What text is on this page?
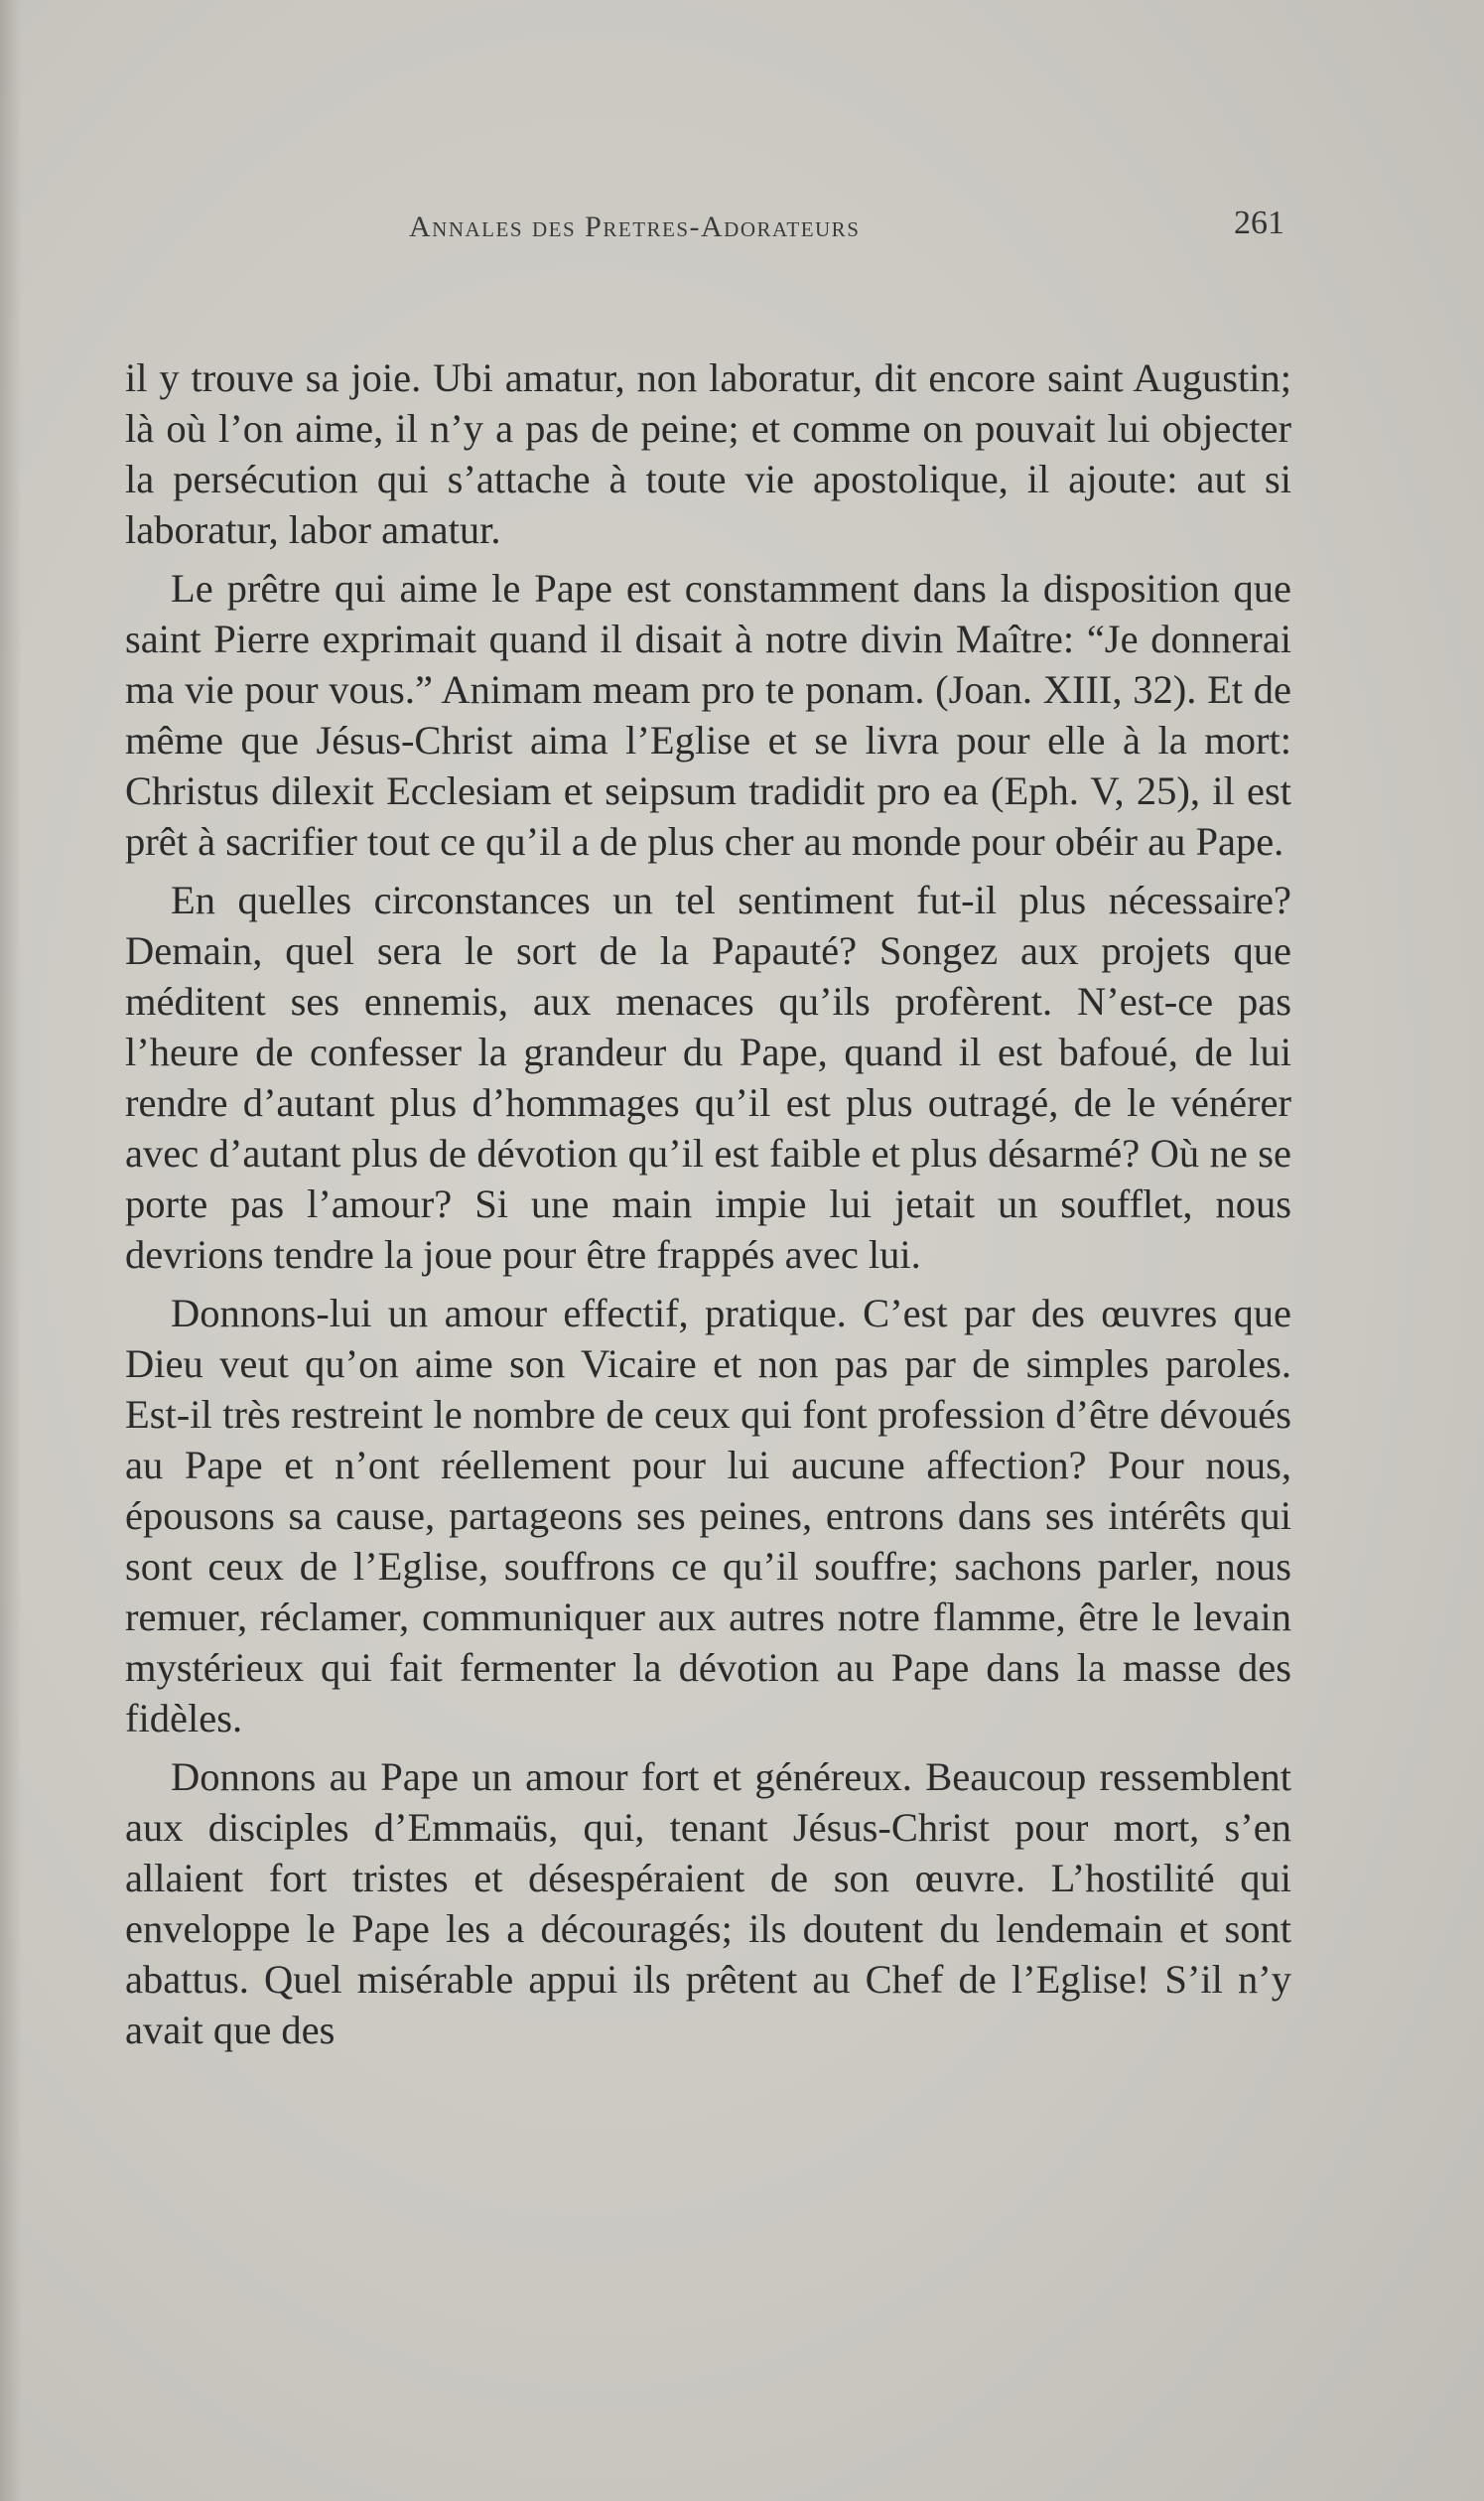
Annales des Pretres-Adorateurs	261

il y trouve sa joie. Ubi amatur, non laboratur, dit encore saint Augustin; là où l’on aime, il n’y a pas de peine; et comme on pouvait lui objecter la persécution qui s’attache à toute vie apostolique, il ajoute: aut si laboratur, labor amatur.

Le prêtre qui aime le Pape est constamment dans la disposition que saint Pierre exprimait quand il disait à notre divin Maître: “Je donnerai ma vie pour vous.” Animam meam pro te ponam. (Joan. XIII, 32). Et de même que Jésus-Christ aima l’Eglise et se livra pour elle à la mort: Christus dilexit Ecclesiam et seipsum tradidit pro ea (Eph. V, 25), il est prêt à sacrifier tout ce qu’il a de plus cher au monde pour obéir au Pape.

En quelles circonstances un tel sentiment fut-il plus nécessaire? Demain, quel sera le sort de la Papauté? Songez aux projets que méditent ses ennemis, aux menaces qu’ils profèrent. N’est-ce pas l’heure de confesser la grandeur du Pape, quand il est bafoué, de lui rendre d’autant plus d’hommages qu’il est plus outragé, de le vénérer avec d’autant plus de dévotion qu’il est faible et plus désarmé? Où ne se porte pas l’amour? Si une main impie lui jetait un soufflet, nous devrions tendre la joue pour être frappés avec lui.

Donnons-lui un amour effectif, pratique. C’est par des œuvres que Dieu veut qu’on aime son Vicaire et non pas par de simples paroles. Est-il très restreint le nombre de ceux qui font profession d’être dévoués au Pape et n’ont réellement pour lui aucune affection? Pour nous, épousons sa cause, partageons ses peines, entrons dans ses intérêts qui sont ceux de l’Eglise, souffrons ce qu’il souffre; sachons parler, nous remuer, réclamer, communiquer aux autres notre flamme, être le levain mystérieux qui fait fermenter la dévotion au Pape dans la masse des fidèles.

Donnons au Pape un amour fort et généreux. Beaucoup ressemblent aux disciples d’Emmaüs, qui, tenant Jésus-Christ pour mort, s’en allaient fort tristes et désespéraient de son œuvre. L’hostilité qui enveloppe le Pape les a découragés; ils doutent du lendemain et sont abattus. Quel misérable appui ils prêtent au Chef de l’Eglise! S’il n’y avait que des
